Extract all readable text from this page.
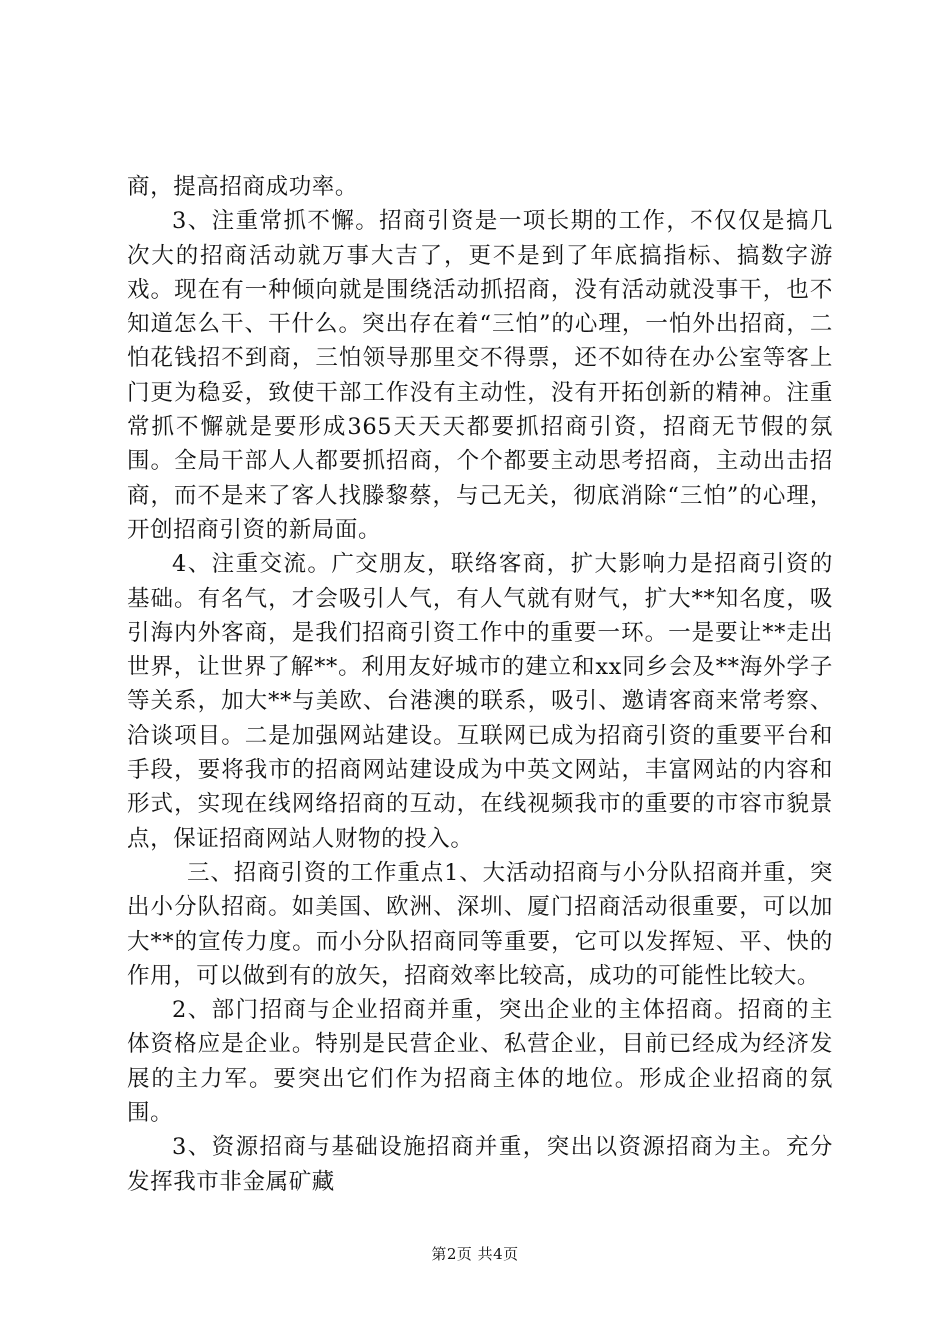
商，提高招商成功率。

3、注重常抓不懈。招商引资是一项长期的工作，不仅仅是搞几次大的招商活动就万事大吉了，更不是到了年底搞指标、搞数字游戏。现在有一种倾向就是围绕活动抓招商，没有活动就没事干，也不知道怎么干、干什么。突出存在着“三怕”的心理，一怕外出招商，二怕花钱招不到商，三怕领导那里交不得票，还不如待在办公室等客上门更为稳妥，致使干部工作没有主动性，没有开拓创新的精神。注重常抓不懈就是要形成365天天天都要抓招商引资，招商无节假的氛围。全局干部人人都要抓招商，个个都要主动思考招商，主动出击招商，而不是来了客人找滕黎蔡，与己无关，彻底消除“三怕”的心理，开创招商引资的新局面。

4、注重交流。广交朋友，联络客商，扩大影响力是招商引资的基础。有名气，才会吸引人气，有人气就有财气，扩大**知名度，吸引海内外客商，是我们招商引资工作中的重要一环。一是要让**走出世界，让世界了解**。利用友好城市的建立和xx同乡会及**海外学子等关系，加大**与美欧、台港澳的联系，吸引、邀请客商来常考察、洽谈项目。二是加强网站建设。互联网已成为招商引资的重要平台和手段，要将我市的招商网站建设成为中英文网站，丰富网站的内容和形式，实现在线网络招商的互动，在线视频我市的重要的市容市貌景点，保证招商网站人财物的投入。

三、招商引资的工作重点1、大活动招商与小分队招商并重，突出小分队招商。如美国、欧洲、深圳、厦门招商活动很重要，可以加大**的宣传力度。而小分队招商同等重要，它可以发挥短、平、快的作用，可以做到有的放矢，招商效率比较高，成功的可能性比较大。

2、部门招商与企业招商并重，突出企业的主体招商。招商的主体资格应是企业。特别是民营企业、私营企业，目前已经成为经济发展的主力军。要突出它们作为招商主体的地位。形成企业招商的氛围。

3、资源招商与基础设施招商并重，突出以资源招商为主。充分发挥我市非金属矿藏

第2页 共4页
